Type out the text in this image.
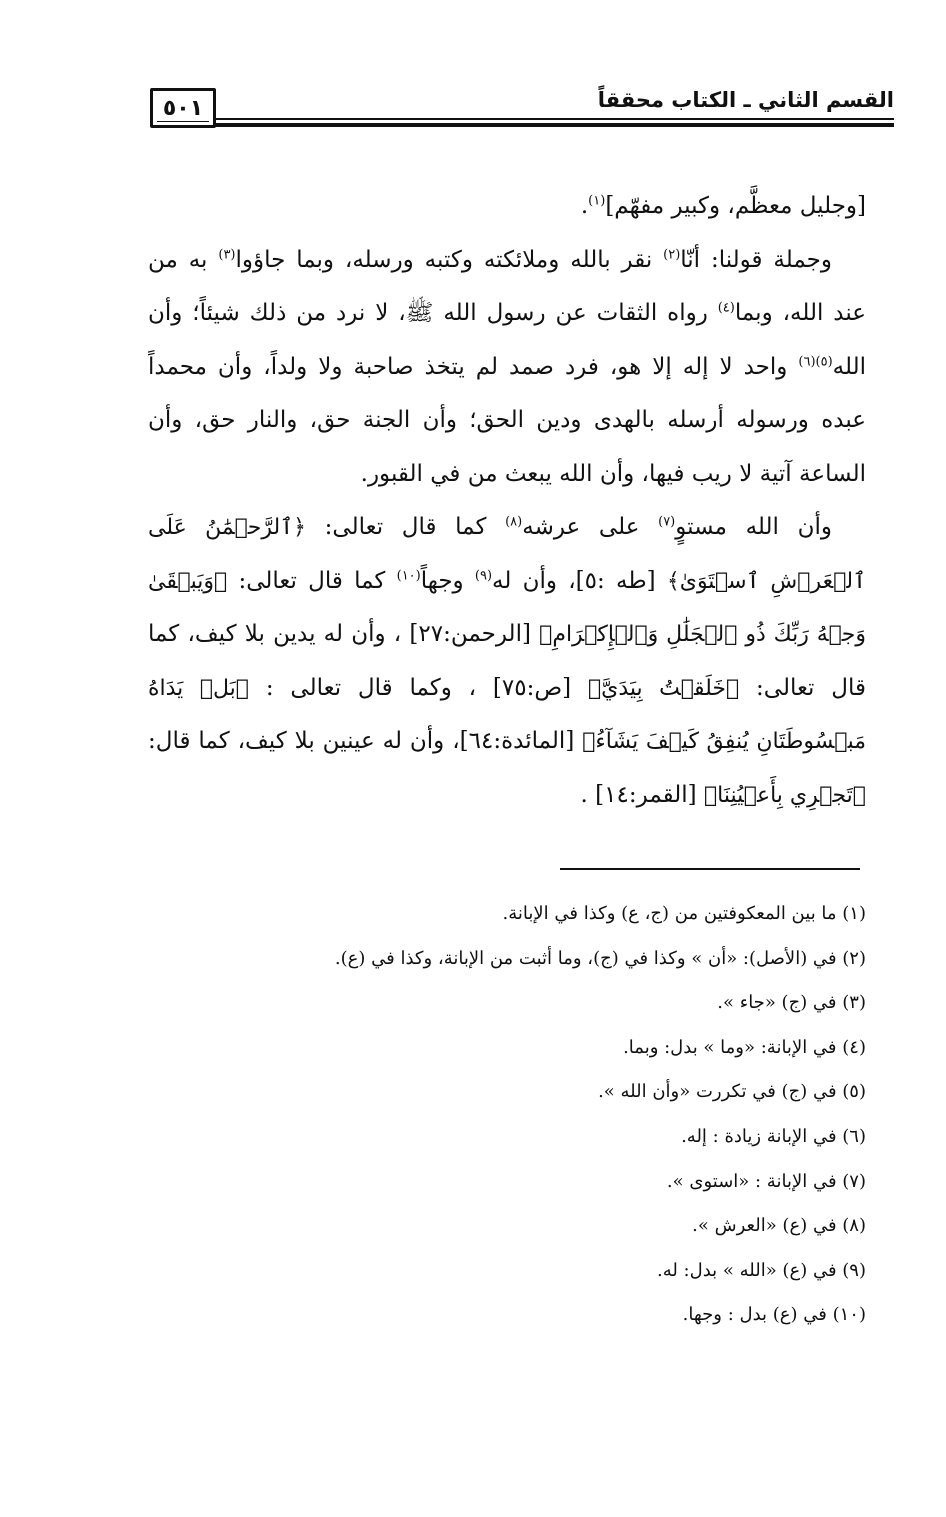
القسم الثاني ـ الكتاب محققاً
٥٠١

[وجليل معظَّم، وكبير مفهّم]$^{(١)}$.

وجملة قولنا: أنّا$^{(٢)}$ نقر بالله وملائكته وكتبه ورسله، وبما جاؤوا$^{(٣)}$ به من عند الله، وبما$^{(٤)}$ رواه الثقات عن رسول الله ﷺ، لا نرد من ذلك شيئاً؛ وأن الله$^{(٥)(٦)}$ واحد لا إله إلا هو، فرد صمد لم يتخذ صاحبة ولا ولداً، وأن محمداً عبده ورسوله أرسله بالهدى ودين الحق؛ وأن الجنة حق، والنار حق، وأن الساعة آتية لا ريب فيها، وأن الله يبعث من في القبور.

وأن الله مستوٍ$^{(٧)}$ على عرشه$^{(٨)}$ كما قال تعالى: ﴿ٱلرَّحۡمَٰنُ عَلَى ٱلۡعَرۡشِ ٱسۡتَوَىٰ﴾ [طه :٥]، وأن له$^{(٩)}$ وجهاً$^{(١٠)}$ كما قال تعالى: ﴿وَيَبۡقَىٰ وَجۡهُ رَبِّكَ ذُو ٱلۡجَلَٰلِ وَٱلۡإِكۡرَامِ﴾ [الرحمن:٢٧] ، وأن له يدين بلا كيف، كما قال تعالى: ﴿خَلَقۡتُ بِيَدَيَّ﴾ [ص:٧٥] ، وكما قال تعالى : ﴿بَلۡ يَدَاهُ مَبۡسُوطَتَانِ يُنفِقُ كَيۡفَ يَشَآءُ﴾ [المائدة:٦٤]، وأن له عينين بلا كيف، كما قال: ﴿تَجۡرِي بِأَعۡيُنِنَا﴾ [القمر:١٤] .

(١) ما بين المعكوفتين من (ج، ع) وكذا في الإبانة.
(٢) في (الأصل): «أن » وكذا في (ج)، وما أثبت من الإبانة، وكذا في (ع).
(٣) في (ج) «جاء ».
(٤) في الإبانة: «وما » بدل: وبما.
(٥) في (ج) في تكررت «وأن الله ».
(٦) في الإبانة زيادة : إله.
(٧) في الإبانة : «استوى ».
(٨) في (ع) «العرش ».
(٩) في (ع) «الله » بدل: له.
(١٠) في (ع) بدل : وجها.
